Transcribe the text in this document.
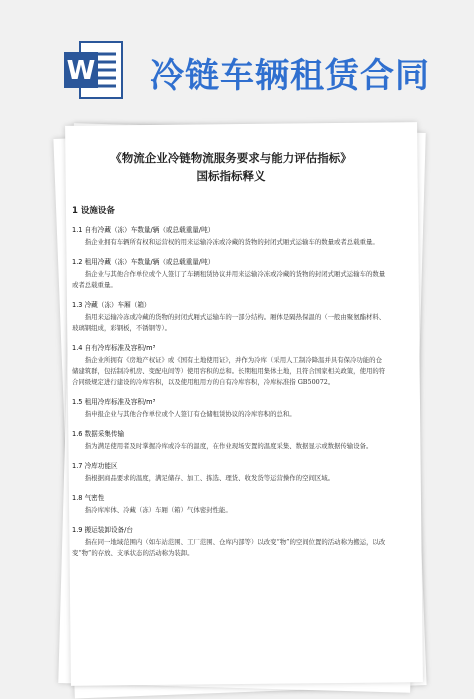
W 冷链车辆租赁合同
《物流企业冷链物流服务要求与能力评估指标》
国标指标释义
1 设施设备
1.1 自有冷藏（冻）车数量/辆（或总载重量/吨）
指企业拥有车辆所有权和运营权的用来运输冷冻或冷藏的货物的封闭式厢式运输车的数量或者总载重量。
1.2 租用冷藏（冻）车数量/辆（或总载重量/吨）
指企业与其他合作单位或个人签订了车辆租赁协议并用来运输冷冻或冷藏的货物的封闭式厢式运输车的数量或者总载重量。
1.3 冷藏（冻）车厢（箱）
指用来运输冷冻或冷藏的货物的封闭式厢式运输车的一部分结构。厢体是隔热保温的（一般由聚氨酯材料、玻璃钢组成，彩钢板，不锈钢等）。
1.4 自有冷库标准及容积/m³
指企业所拥有《房地产权证》或《国有土地使用证》，并作为冷库（采用人工制冷降温并具有保冷功能的仓储建筑群，包括制冷机房、变配电间等）使用容积的总和。长期租用集体土地，且符合国家相关政策，使用的符合同级规定进行建设的冷库容积，以及使用租用方的自有冷库容积，冷库标准指 GB50072。
1.5 租用冷库标准及容积/m³
指申报企业与其他合作单位或个人签订有仓储租赁协议的冷库容积的总和。
1.6 数据采集传输
指为满足使用者及时掌握冷库或冷车的温度，在作业现场安置的温度采集、数据显示或数据传输设备。
1.7 冷库功能区
指根据商品要求的温度，满足储存、加工、拣选、理货、收发货等运营操作的空间区域。
1.8 气密性
指冷库库体、冷藏（冻）车厢（箱）气体密封性能。
1.9 搬运装卸设备/台
指在同一地域范围内（如车站范围、工厂范围、仓库内部等）以改变“物”的空间位置的活动称为搬运，以改变“物”的存放、支承状态的活动称为装卸。
